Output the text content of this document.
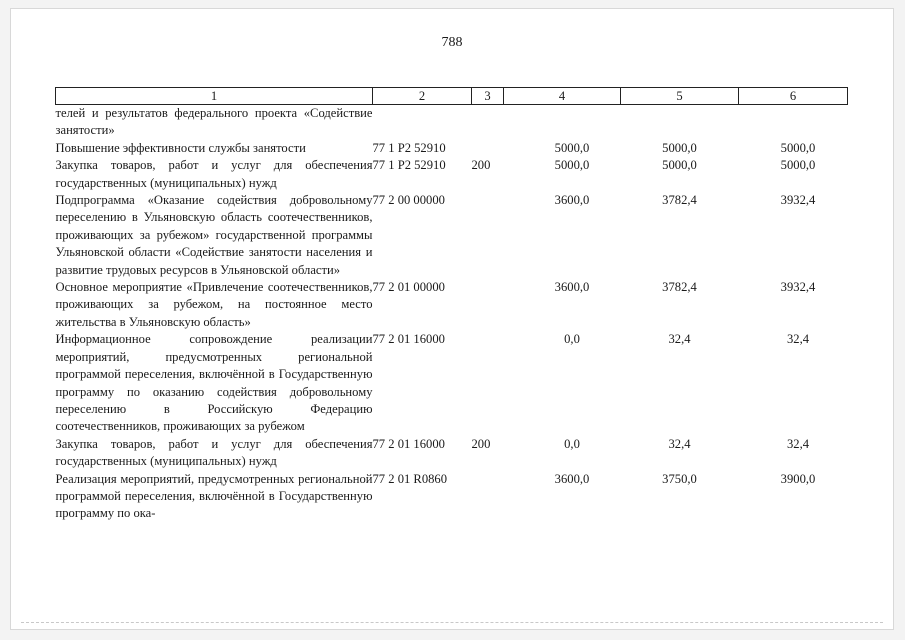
788
1	2	3	4	5	6
телей и результатов федерального проекта «Содействие занятости»					
Повышение эффективности службы занятости	77 1 P2 52910		5000,0	5000,0	5000,0
Закупка товаров, работ и услуг для обеспечения государственных (муниципальных) нужд	77 1 P2 52910	200	5000,0	5000,0	5000,0
Подпрограмма «Оказание содействия добровольному переселению в Ульяновскую область соотечественников, проживающих за рубежом» государственной программы Ульяновской области «Содействие занятости населения и развитие трудовых ресурсов в Ульяновской области»	77 2 00 00000		3600,0	3782,4	3932,4
Основное мероприятие «Привлечение соотечественников, проживающих за рубежом, на постоянное место жительства в Ульяновскую область»	77 2 01 00000		3600,0	3782,4	3932,4
Информационное сопровождение реализации мероприятий, предусмотренных региональной программой переселения, включённой в Государственную программу по оказанию содействия добровольному переселению в Российскую Федерацию соотечественников, проживающих за рубежом	77 2 01 16000		0,0	32,4	32,4
Закупка товаров, работ и услуг для обеспечения государственных (муниципальных) нужд	77 2 01 16000	200	0,0	32,4	32,4
Реализация мероприятий, предусмотренных региональной программой переселения, включённой в Государственную программу по ока-	77 2 01 R0860		3600,0	3750,0	3900,0
